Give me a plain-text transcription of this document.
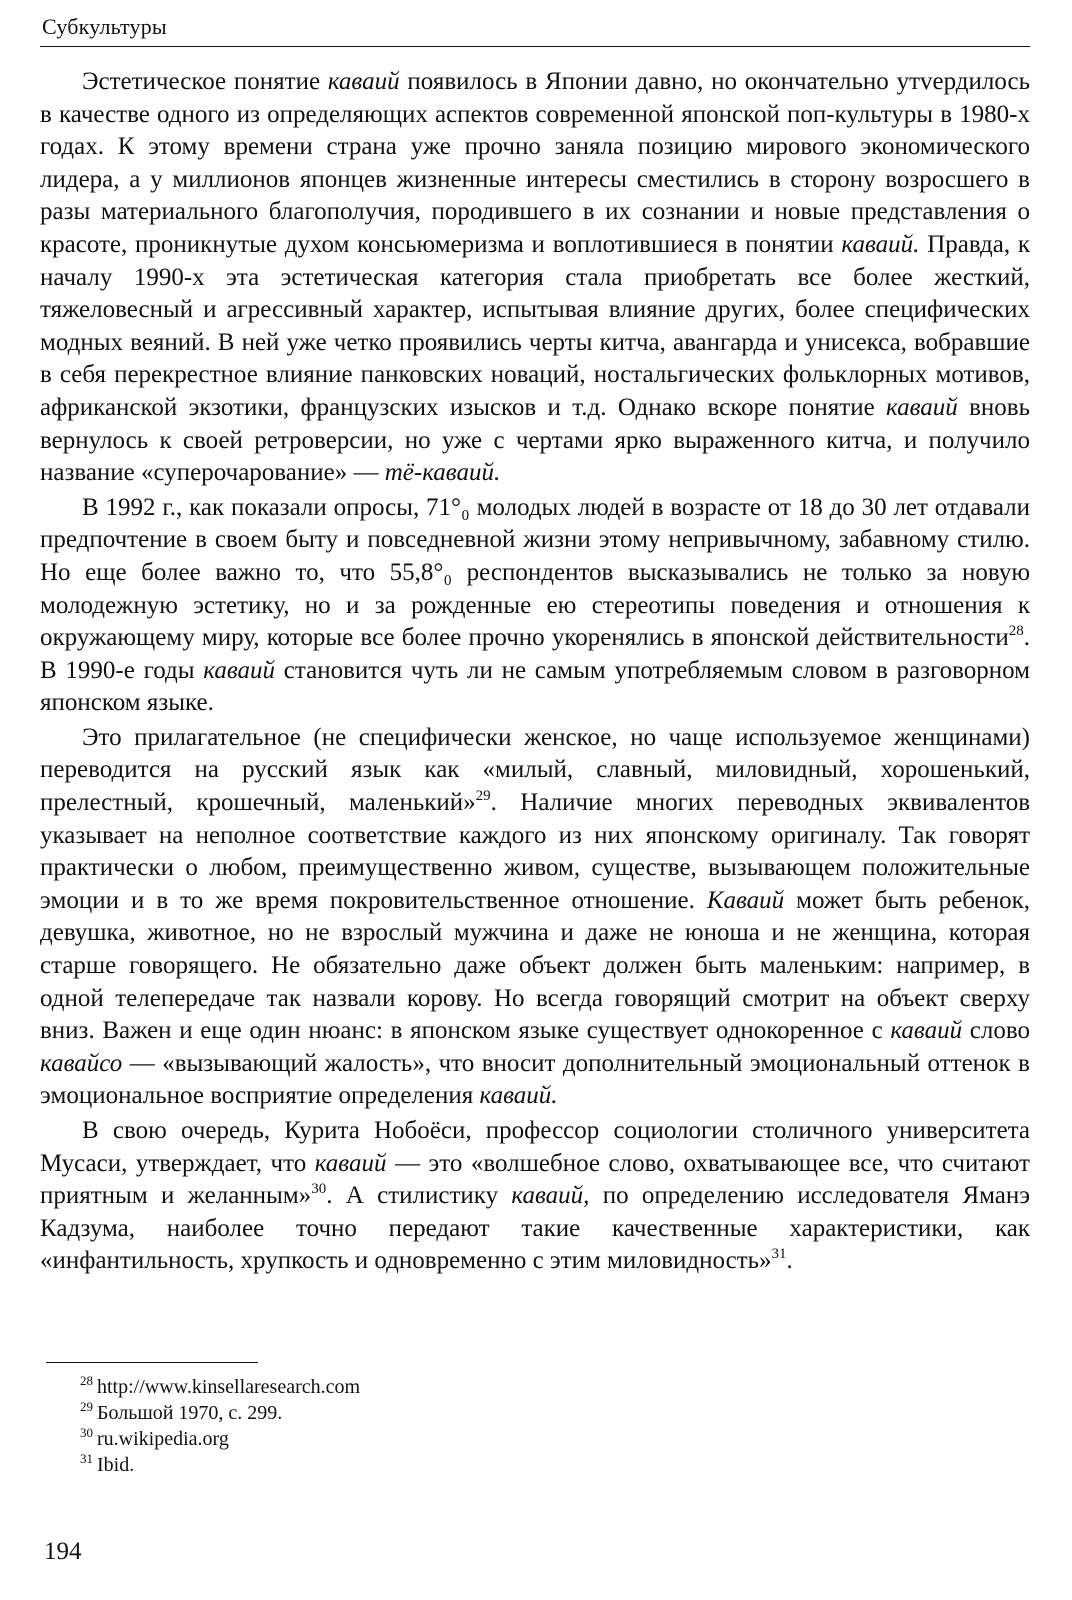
Субкультуры

Эстетическое понятие каваий появилось в Японии давно, но окончательно утvердилось в качестве одного из определяющих аспектов современной японской поп-культуры в 1980-х годах. К этому времени страна уже прочно заняла позицию мирового экономического лидера, а у миллионов японцев жизненные интересы сместились в сторону возросшего в разы материального благополучия, породившего в их сознании и новые представления о красоте, проникнутые духом консьюмеризма и воплотившиеся в понятии каваий. Правда, к началу 1990-х эта эстетическая категория стала приобретать все более жесткий, тяжеловесный и агрессивный характер, испытывая влияние других, более специфических модных веяний. В ней уже четко проявились черты китча, авангарда и унисекса, вобравшие в себя перекрестное влияние панковских новаций, ностальгических фольклорных мотивов, африканской экзотики, французских изысков и т.д. Однако вскоре понятие каваий вновь вернулось к своей ретроверсии, но уже с чертами ярко выраженного китча, и получило название «суперочарование» — тё-каваий.

В 1992 г., как показали опросы, 71°₀ молодых людей в возрасте от 18 до 30 лет отдавали предпочтение в своем быту и повседневной жизни этому непривычному, забавному стилю. Но еще более важно то, что 55,8°₀ респондентов высказывались не только за новую молодежную эстетику, но и за рожденные ею стереотипы поведения и отношения к окружающему миру, которые все более прочно укоренялись в японской действительности$^{28}$. В 1990-е годы каваий становится чуть ли не самым употребляемым словом в разговорном японском языке.

Это прилагательное (не специфически женское, но чаще используемое женщинами) переводится на русский язык как «милый, славный, миловидный, хорошенький, прелестный, крошечный, маленький»$^{29}$. Наличие многих переводных эквивалентов указывает на неполное соответствие каждого из них японскому оригиналу. Так говорят практически о любом, преимущественно живом, существе, вызывающем положительные эмоции и в то же время покровительственное отношение. Каваий может быть ребенок, девушка, животное, но не взрослый мужчина и даже не юноша и не женщина, которая старше говорящего. Не обязательно даже объект должен быть маленьким: например, в одной телепередаче так назвали корову. Но всегда говорящий смотрит на объект сверху вниз. Важен и еще один нюанс: в японском языке существует однокоренное с каваий слово кавайсо — «вызывающий жалость», что вносит дополнительный эмоциональный оттенок в эмоциональное восприятие определения каваий.

В свою очередь, Курита Нобоёси, профессор социологии столичного университета Мусаси, утверждает, что каваий — это «волшебное слово, охватывающее все, что считают приятным и желанным»$^{30}$. А стилистику каваий, по определению исследователя Яманэ Кадзума, наиболее точно передают такие качественные характеристики, как «инфантильность, хрупкость и одновременно с этим миловидность»$^{31}$.

$^{28}$ http://www.kinsellaresearch.com
$^{29}$ Большой 1970, с. 299.
$^{30}$ ru.wikipedia.org
$^{31}$ Ibid.
194
